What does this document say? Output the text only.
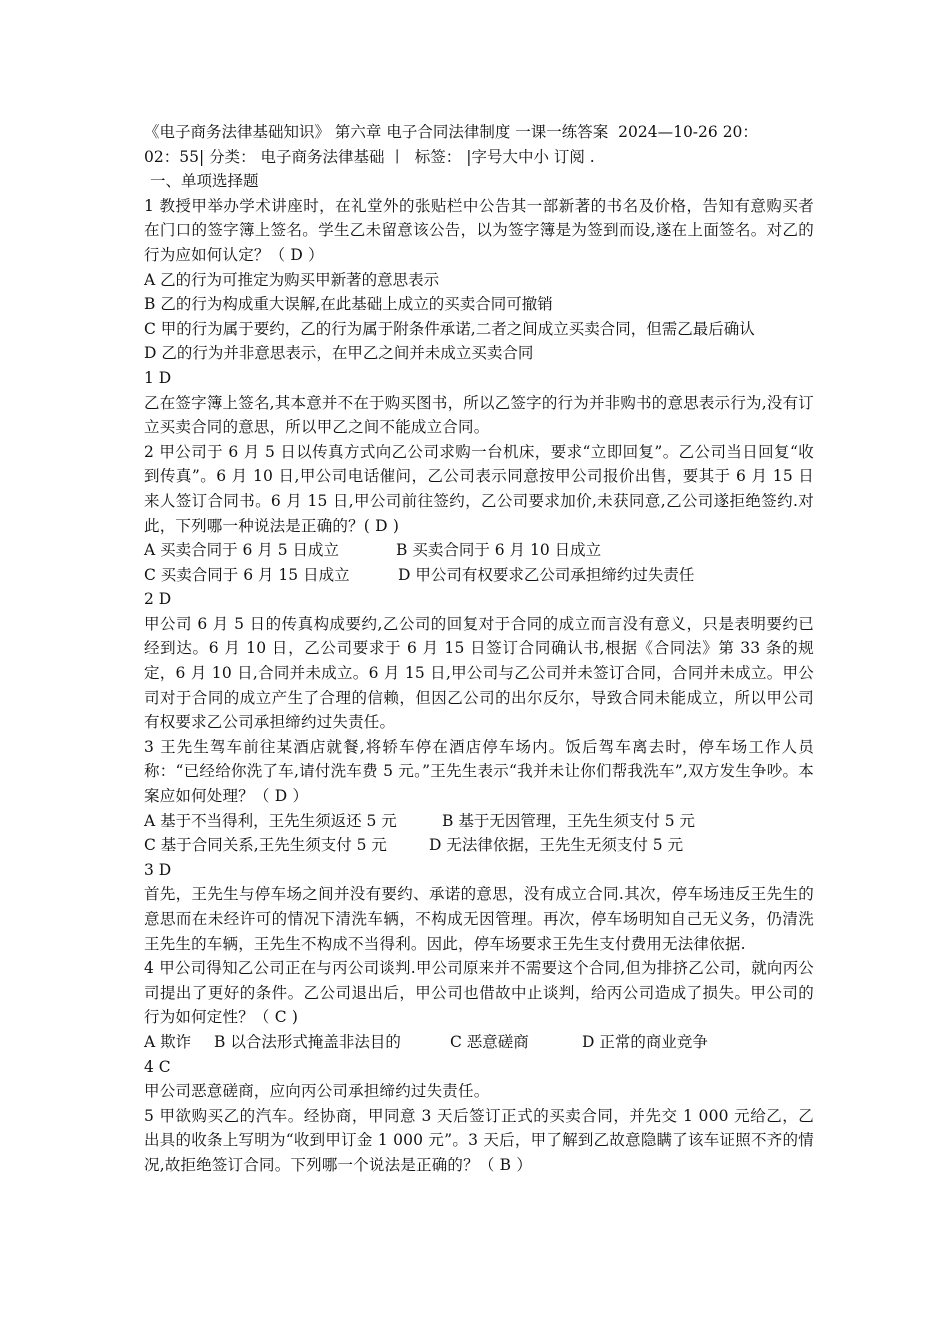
《电子商务法律基础知识》 第六章 电子合同法律制度 一课一练答案  2024—10-26 20：
02：55| 分类： 电子商务法律基础 丨  标签： |字号大中小 订阅 .
一、单项选择题

1 教授甲举办学术讲座时，在礼堂外的张贴栏中公告其一部新著的书名及价格，告知有意购买者在门口的签字簿上签名。学生乙未留意该公告，以为签字簿是为签到而设,遂在上面签名。对乙的行为应如何认定？（ D ）

A 乙的行为可推定为购买甲新著的意思表示
B 乙的行为构成重大误解,在此基础上成立的买卖合同可撤销
C 甲的行为属于要约，乙的行为属于附条件承诺,二者之间成立买卖合同，但需乙最后确认
D 乙的行为并非意思表示，在甲乙之间并未成立买卖合同
1 D

乙在签字簿上签名,其本意并不在于购买图书，所以乙签字的行为并非购书的意思表示行为,没有订立买卖合同的意思，所以甲乙之间不能成立合同。

2 甲公司于 6 月 5 日以传真方式向乙公司求购一台机床，要求“立即回复”。乙公司当日回复“收到传真”。6 月 10 日,甲公司电话催问，乙公司表示同意按甲公司报价出售，要其于 6 月 15 日来人签订合同书。6 月 15 日,甲公司前往签约，乙公司要求加价,未获同意,乙公司遂拒绝签约.对此，下列哪一种说法是正确的？( D )

A 买卖合同于 6 月 5 日成立	B 买卖合同于 6 月 10 日成立
C 买卖合同于 6 月 15 日成立	D 甲公司有权要求乙公司承担缔约过失责任
2 D

甲公司 6 月 5 日的传真构成要约,乙公司的回复对于合同的成立而言没有意义，只是表明要约已经到达。6 月 10 日，乙公司要求于 6 月 15 日签订合同确认书,根据《合同法》第 33 条的规定，6 月 10 日,合同并未成立。6 月 15 日,甲公司与乙公司并未签订合同，合同并未成立。甲公司对于合同的成立产生了合理的信赖，但因乙公司的出尔反尔，导致合同未能成立，所以甲公司有权要求乙公司承担缔约过失责任。

3 王先生驾车前往某酒店就餐,将轿车停在酒店停车场内。饭后驾车离去时，停车场工作人员称：“已经给你洗了车,请付洗车费 5 元。”王先生表示“我并未让你们帮我洗车”,双方发生争吵。本案应如何处理？（ D ）

A 基于不当得利，王先生须返还 5 元	B 基于无因管理，王先生须支付 5 元
C 基于合同关系,王先生须支付 5 元	D 无法律依据，王先生无须支付 5 元
3 D

首先，王先生与停车场之间并没有要约、承诺的意思，没有成立合同.其次，停车场违反王先生的意思而在未经许可的情况下清洗车辆，不构成无因管理。再次，停车场明知自己无义务，仍清洗王先生的车辆，王先生不构成不当得利。因此，停车场要求王先生支付费用无法律依据.

4 甲公司得知乙公司正在与丙公司谈判.甲公司原来并不需要这个合同,但为排挤乙公司，就向丙公司提出了更好的条件。乙公司退出后，甲公司也借故中止谈判，给丙公司造成了损失。甲公司的行为如何定性？（ C )

A 欺诈	B 以合法形式掩盖非法目的	C 恶意磋商	D 正常的商业竞争
4 C

甲公司恶意磋商，应向丙公司承担缔约过失责任。

5 甲欲购买乙的汽车。经协商，甲同意 3 天后签订正式的买卖合同，并先交 1 000 元给乙，乙出具的收条上写明为“收到甲订金 1 000 元”。3 天后，甲了解到乙故意隐瞒了该车证照不齐的情况,故拒绝签订合同。下列哪一个说法是正确的？（ B ）
